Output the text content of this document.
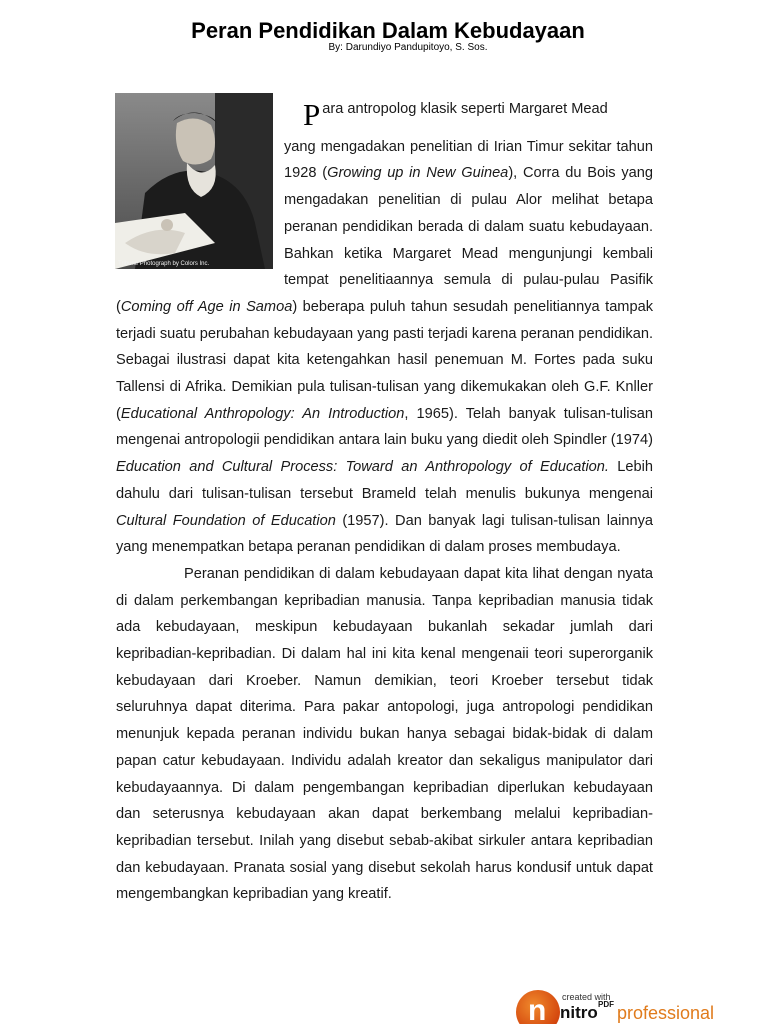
Peran Pendidikan Dalam Kebudayaan
By: Darundiyo Pandupitoyo, S. Sos.
Tribune Photograph by Colors Inc.

P ara antropolog klasik seperti Margaret Mead
yang mengadakan penelitian di Irian Timur sekitar tahun 1928 (Growing up in New Guinea), Corra du Bois yang mengadakan penelitian di pulau Alor melihat betapa peranan pendidikan berada di dalam suatu kebudayaan. Bahkan ketika Margaret Mead mengunjungi kembali tempat penelitiaannya semula di pulau-pulau Pasifik (Coming off Age in Samoa) beberapa puluh tahun sesudah penelitiannya tampak terjadi suatu perubahan kebudayaan yang pasti terjadi karena peranan pendidikan. Sebagai ilustrasi dapat kita ketengahkan hasil penemuan M. Fortes pada suku Tallensi di Afrika. Demikian pula tulisan-tulisan yang dikemukakan oleh G.F. Knller (Educational Anthropology: An Introduction, 1965). Telah banyak tulisan-tulisan mengenai antropologii pendidikan antara lain buku yang diedit oleh Spindler (1974) Education and Cultural Process: Toward an Anthropology of Education. Lebih dahulu dari tulisan-tulisan tersebut Brameld telah menulis bukunya mengenai Cultural Foundation of Education (1957). Dan banyak lagi tulisan-tulisan lainnya yang menempatkan betapa peranan pendidikan di dalam proses membudaya.

Peranan pendidikan di dalam kebudayaan dapat kita lihat dengan nyata di dalam perkembangan kepribadian manusia. Tanpa kepribadian manusia tidak ada kebudayaan, meskipun kebudayaan bukanlah sekadar jumlah dari kepribadian-kepribadian. Di dalam hal ini kita kenal mengenaii teori superorganik kebudayaan dari Kroeber. Namun demikian, teori Kroeber tersebut tidak seluruhnya dapat diterima. Para pakar antopologi, juga antropologi pendidikan menunjuk kepada peranan individu bukan hanya sebagai bidak-bidak di dalam papan catur kebudayaan. Individu adalah kreator dan sekaligus manipulator dari kebudayaannya. Di dalam pengembangan kepribadian diperlukan kebudayaan dan seterusnya kebudayaan akan dapat berkembang melalui kepribadian-kepribadian tersebut. Inilah yang disebut sebab-akibat sirkuler antara kepribadian dan kebudayaan. Pranata sosial yang disebut sekolah harus kondusif untuk dapat mengembangkan kepribadian yang kreatif.

n created with
nitro PDF professional
